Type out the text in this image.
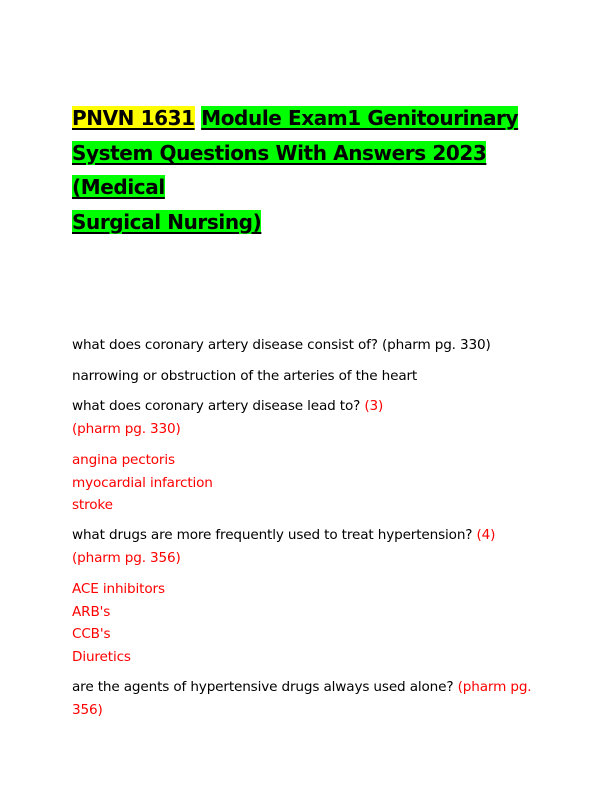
PNVN 1631 Module Exam1 Genitourinary
System Questions With Answers 2023 (Medical
Surgical Nursing)
what does coronary artery disease consist of? (pharm pg. 330)
narrowing or obstruction of the arteries of the heart
what does coronary artery disease lead to? (3)
(pharm pg. 330)
angina pectoris
myocardial infarction
stroke
what drugs are more frequently used to treat hypertension? (4)
(pharm pg. 356)
ACE inhibitors
ARB's
CCB's
Diuretics
are the agents of hypertensive drugs always used alone? (pharm pg.
356)
